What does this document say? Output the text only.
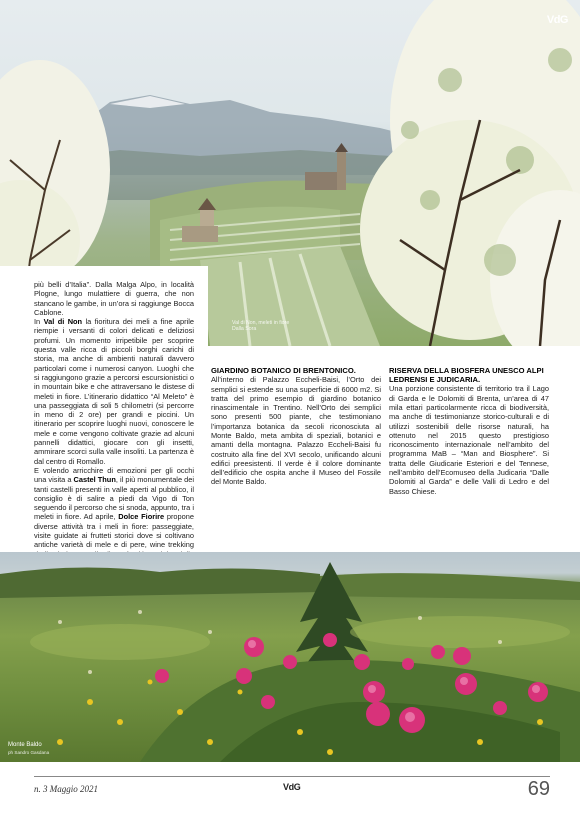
VdG
Val di Non, meleti in fiore
Dalla Sora

più belli d’Italia”. Dalla Malga Alpo, in località Plogne, lungo mulattiere di guerra, che non stancano le gambe, in un’ora si raggiunge Bocca Cablone.

In Val di Non la fioritura dei meli a fine aprile riempie i versanti di colori delicati e deliziosi profumi. Un momento irripetibile per scoprire questa valle ricca di piccoli borghi carichi di storia, ma anche di ambienti naturali davvero particolari come i numerosi canyon. Luoghi che si raggiungono grazie a percorsi escursionistici o in mountain bike e che attraversano le distese di meleti in fiore. L’itinerario didattico “Al Meleto” è una passeggiata di soli 5 chilometri (si percorre in meno di 2 ore) per grandi e piccini. Un itinerario per scoprire luoghi nuovi, conoscere le mele e come vengono coltivate grazie ad alcuni pannelli didattici, giocare con gli insetti, ammirare scorci sulla valle insoliti. La partenza è dal centro di Romallo.

E volendo arricchire di emozioni per gli occhi una visita a Castel Thun, il più monumentale dei tanti castelli presenti in valle aperti al pubblico, il consiglio è di salire a piedi da Vigo di Ton seguendo il percorso che si snoda, appunto, tra i meleti in fiore. Ad aprile, Dolce Fiorire propone diverse attività tra i meli in fiore: passeggiate, visite guidate ai frutteti storici dove si coltivano antiche varietà di mele e di pere, wine trekking

GIARDINO BOTANICO DI BRENTONICO.

All’interno di Palazzo Eccheli-Baisi, l’Orto dei semplici si estende su una superficie di 6000 m2. Si tratta del primo esempio di giardino botanico rinascimentale in Trentino. Nell’Orto dei semplici sono presenti 500 piante, che testimoniano l’importanza botanica da secoli riconosciuta al Monte Baldo, meta ambita di speziali, botanici e amanti della montagna. Palazzo Eccheli-Baisi fu costruito alla fine del XVI secolo, unificando alcuni edifici preesistenti. Il verde è il colore dominante dell’edificio che ospita anche il Museo del Fossile del Monte Baldo.

RISERVA DELLA BIOSFERA UNESCO ALPI LEDRENSI E JUDICARIA.

Una porzione consistente di territorio tra il Lago di Garda e le Dolomiti di Brenta, un’area di 47 mila ettari particolarmente ricca di biodiversità, ma anche di testimonianze storico-culturali e di utilizzi sostenibili delle risorse naturali, ha ottenuto nel 2015 questo prestigioso riconoscimento internazionale nell’ambito del programma MaB – “Man and Biosphere”. Si tratta delle Giudicarie Esteriori e del Tennese, nell’ambito dell’Ecomuseo della Judicaria “Dalle Dolomiti al Garda” e delle Valli di Ledro e del Basso Chiese.

Monte Baldo
ph Sandro Gasdana
n. 3 Maggio 2021	VdG	69
